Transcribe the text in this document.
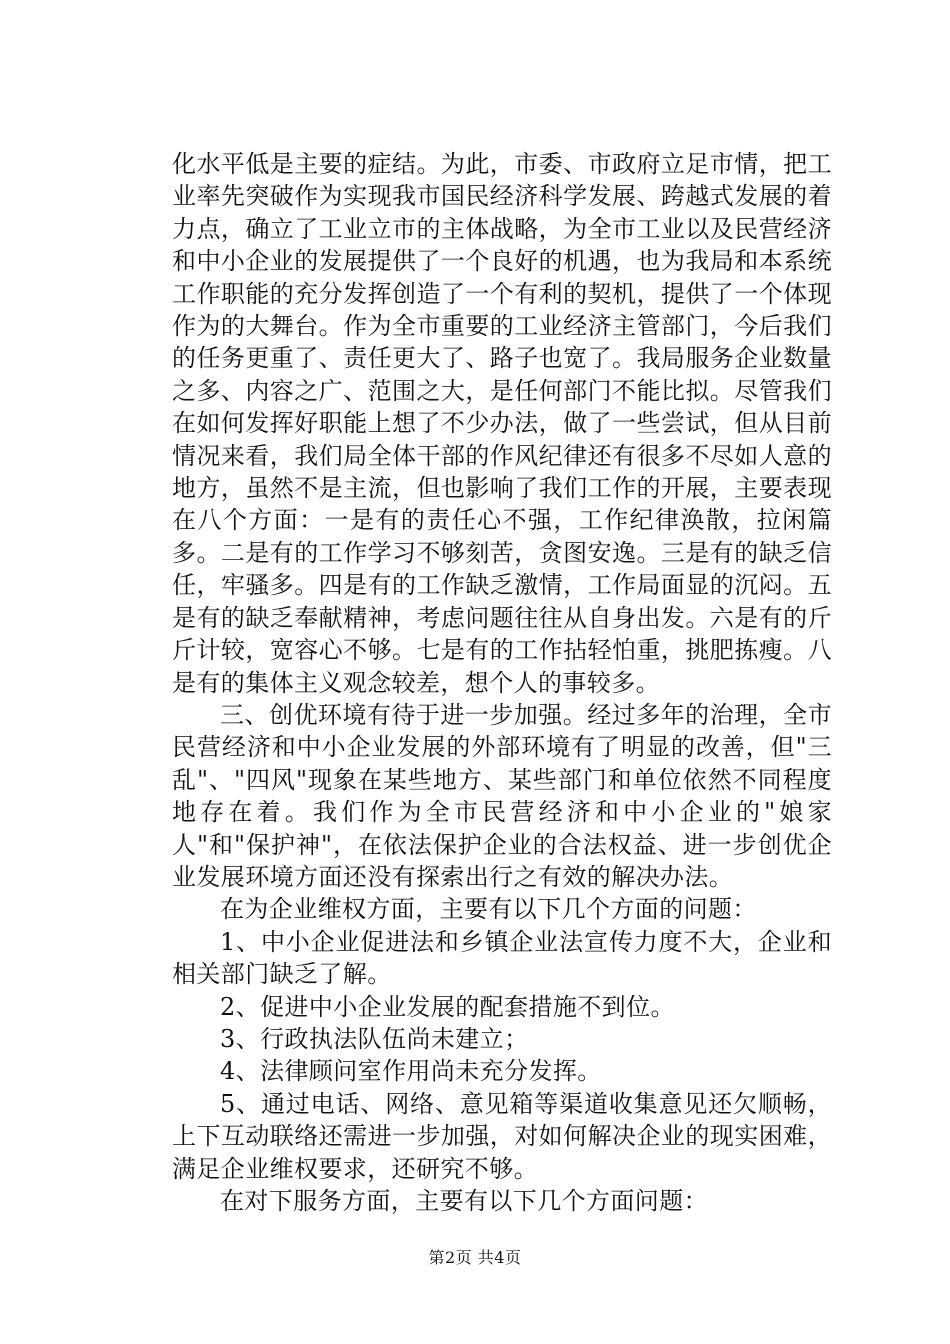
化水平低是主要的症结。为此，市委、市政府立足市情，把工业率先突破作为实现我市国民经济科学发展、跨越式发展的着力点，确立了工业立市的主体战略，为全市工业以及民营经济和中小企业的发展提供了一个良好的机遇，也为我局和本系统工作职能的充分发挥创造了一个有利的契机，提供了一个体现作为的大舞台。作为全市重要的工业经济主管部门，今后我们的任务更重了、责任更大了、路子也宽了。我局服务企业数量之多、内容之广、范围之大，是任何部门不能比拟。尽管我们在如何发挥好职能上想了不少办法，做了一些尝试，但从目前情况来看，我们局全体干部的作风纪律还有很多不尽如人意的地方，虽然不是主流，但也影响了我们工作的开展，主要表现在八个方面：一是有的责任心不强，工作纪律涣散，拉闲篇多。二是有的工作学习不够刻苦，贪图安逸。三是有的缺乏信任，牢骚多。四是有的工作缺乏激情，工作局面显的沉闷。五是有的缺乏奉献精神，考虑问题往往从自身出发。六是有的斤斤计较，宽容心不够。七是有的工作拈轻怕重，挑肥拣瘦。八是有的集体主义观念较差，想个人的事较多。

三、创优环境有待于进一步加强。经过多年的治理，全市民营经济和中小企业发展的外部环境有了明显的改善，但"三乱"、"四风"现象在某些地方、某些部门和单位依然不同程度地存在着。我们作为全市民营经济和中小企业的"娘家人"和"保护神"，在依法保护企业的合法权益、进一步创优企业发展环境方面还没有探索出行之有效的解决办法。

在为企业维权方面，主要有以下几个方面的问题：

1、中小企业促进法和乡镇企业法宣传力度不大，企业和相关部门缺乏了解。

2、促进中小企业发展的配套措施不到位。

3、行政执法队伍尚未建立；

4、法律顾问室作用尚未充分发挥。

5、通过电话、网络、意见箱等渠道收集意见还欠顺畅，上下互动联络还需进一步加强，对如何解决企业的现实困难，满足企业维权要求，还研究不够。

在对下服务方面，主要有以下几个方面问题：

第2页 共4页
